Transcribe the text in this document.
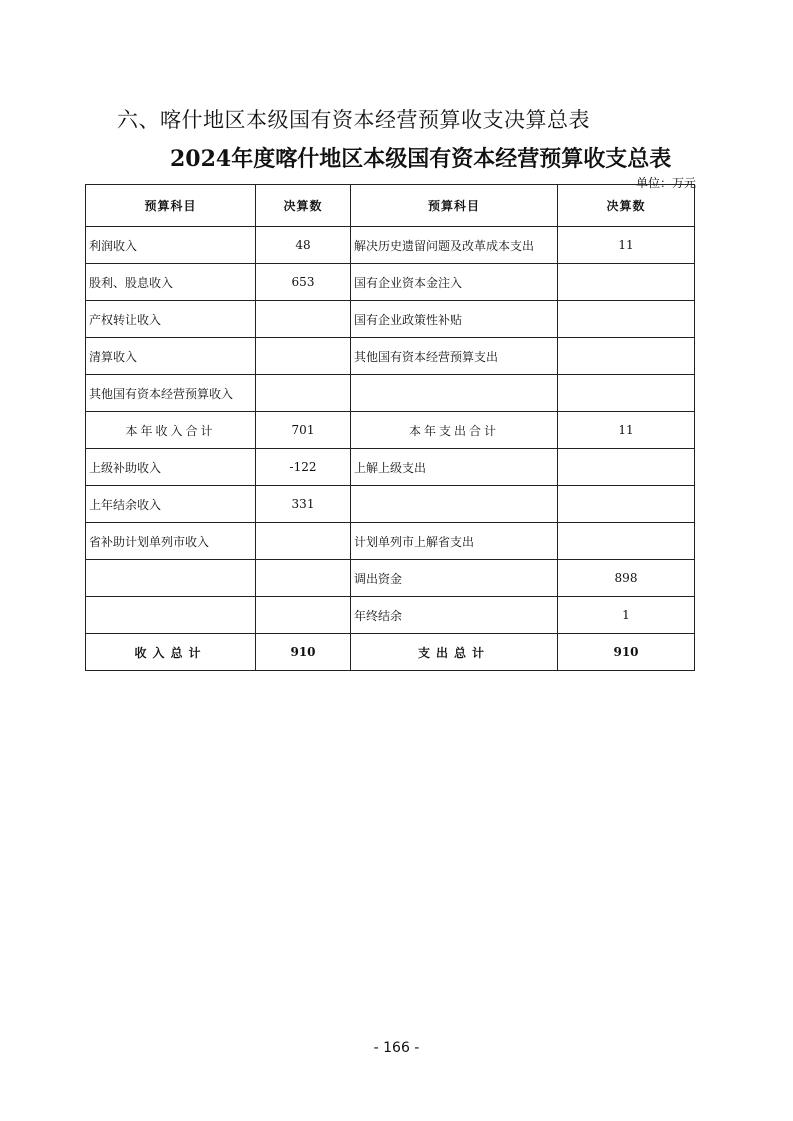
六、喀什地区本级国有资本经营预算收支决算总表
2024年度喀什地区本级国有资本经营预算收支总表
单位：万元
预算科目	决算数	预算科目	决算数
利润收入	48	解决历史遗留问题及改革成本支出	11
股利、股息收入	653	国有企业资本金注入	
产权转让收入		国有企业政策性补贴	
清算收入		其他国有资本经营预算支出	
其他国有资本经营预算收入			
本年收入合计	701	本年支出合计	11
上级补助收入	-122	上解上级支出	
上年结余收入	331		
省补助计划单列市收入		计划单列市上解省支出	
		调出资金	898
		年终结余	1
收入总计	910	支出总计	910
- 166 -
